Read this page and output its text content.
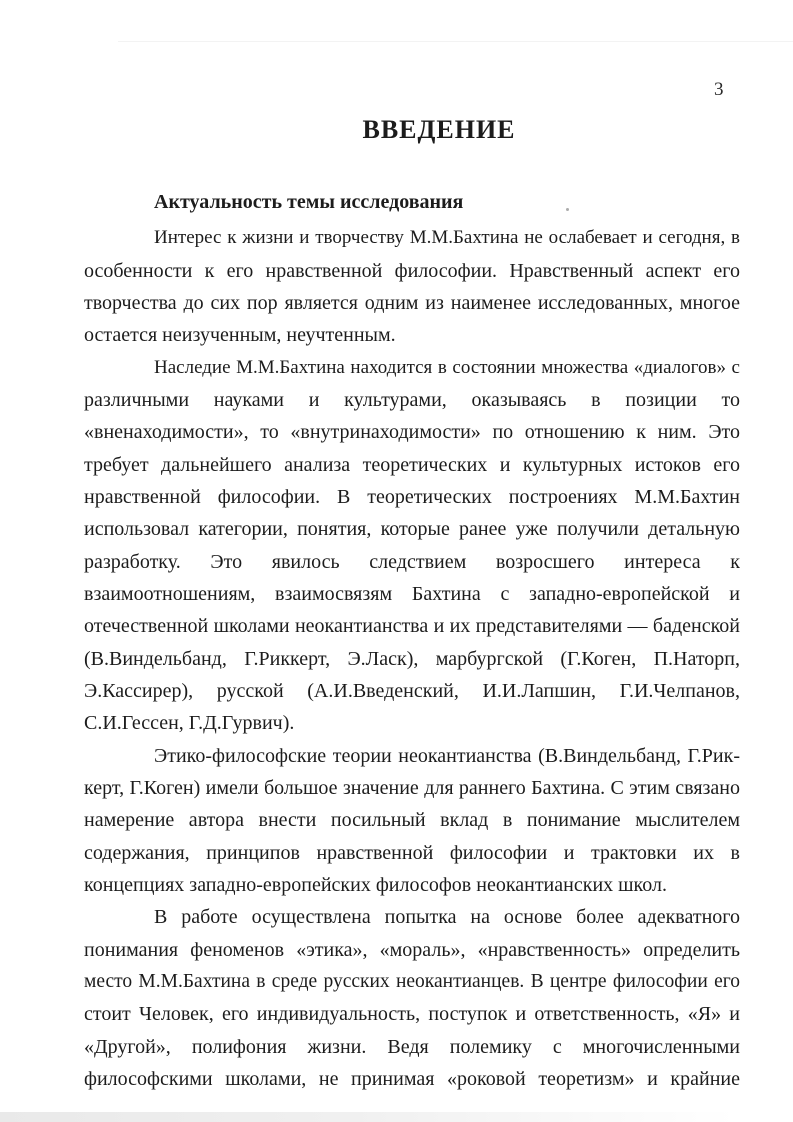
3
ВВЕДЕНИЕ
Актуальность темы исследования
Интерес к жизни и творчеству М.М.Бахтина не ослабевает и сегодня, в
особенности к его нравственной философии. Нравственный аспект его
творчества до сих пор является одним из наименее исследованных, многое
остается неизученным, неучтенным.
Наследие М.М.Бахтина находится в состоянии множества «диалогов» с
различными науками и культурами, оказываясь в позиции то
«вненаходимости», то «внутринаходимости» по отношению к ним. Это
требует дальнейшего анализа теоретических и культурных истоков его
нравственной философии. В теоретических построениях М.М.Бахтин
использовал категории, понятия, которые ранее уже получили детальную
разработку. Это явилось следствием возросшего интереса к
взаимоотношениям, взаимосвязям Бахтина с западно-европейской и
отечественной школами неокантианства и их представителями — баденской
(В.Виндельбанд, Г.Риккерт, Э.Ласк), марбургской (Г.Коген, П.Наторп,
Э.Кассирер), русской (А.И.Введенский, И.И.Лапшин, Г.И.Челпанов,
С.И.Гессен, Г.Д.Гурвич).
Этико-философские теории неокантианства (В.Виндельбанд, Г.Рик-
керт, Г.Коген) имели большое значение для раннего Бахтина. С этим связано
намерение автора внести посильный вклад в понимание мыслителем
содержания, принципов нравственной философии и трактовки их в
концепциях западно-европейских философов неокантианских школ.
В работе осуществлена попытка на основе более адекватного
понимания феноменов «этика», «мораль», «нравственность» определить
место М.М.Бахтина в среде русских неокантианцев. В центре философии его
стоит Человек, его индивидуальность, поступок и ответственность, «Я» и
«Другой», полифония жизни. Ведя полемику с многочисленными
философскими школами, не принимая «роковой теоретизм» и крайние
